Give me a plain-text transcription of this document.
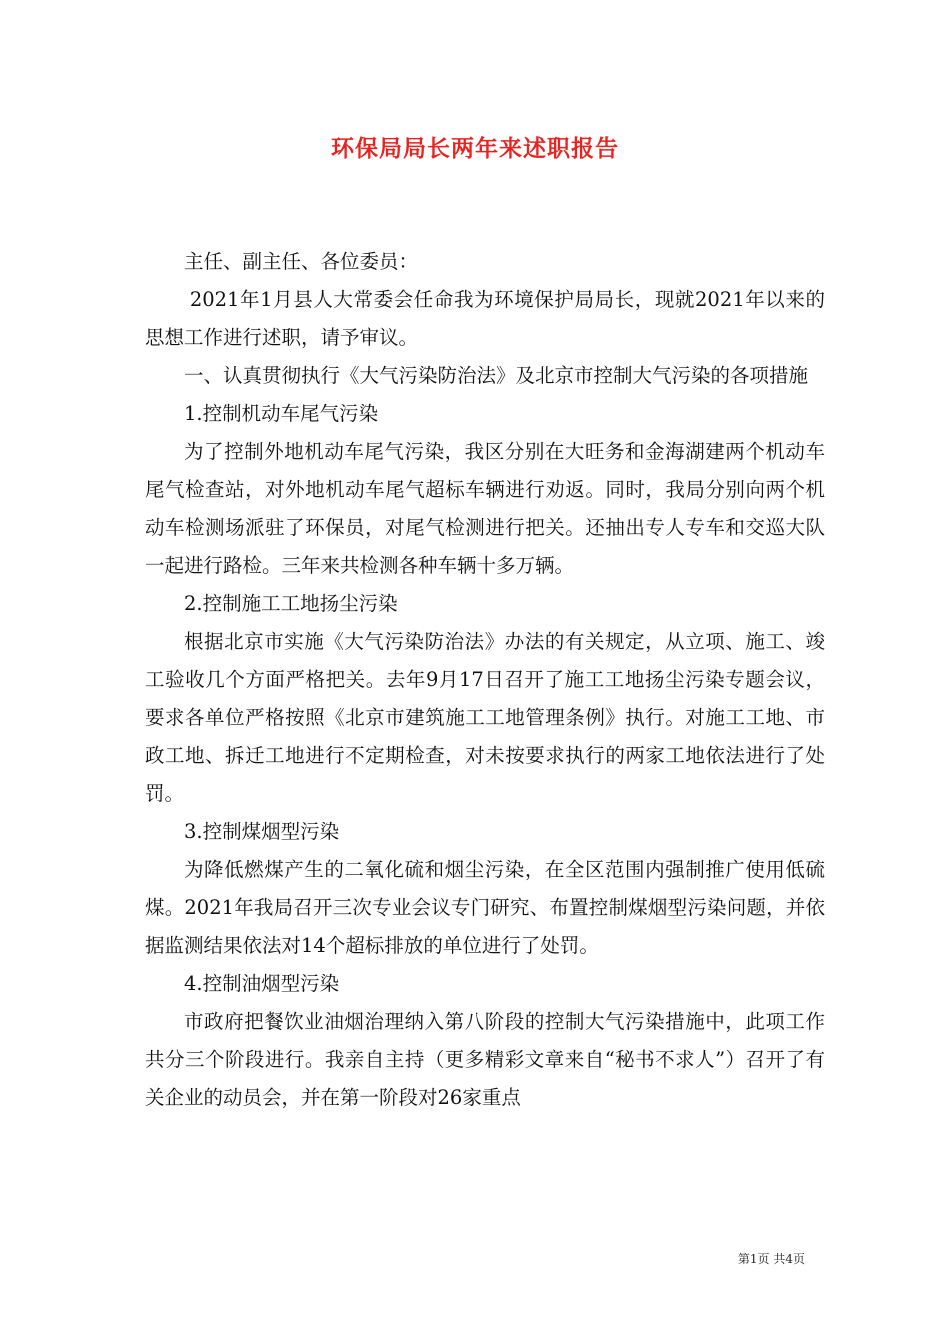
环保局局长两年来述职报告

主任、副主任、各位委员：

2021年1月县人大常委会任命我为环境保护局局长，现就2021年以来的思想工作进行述职，请予审议。

一、认真贯彻执行《大气污染防治法》及北京市控制大气污染的各项措施

1.控制机动车尾气污染

为了控制外地机动车尾气污染，我区分别在大旺务和金海湖建两个机动车尾气检查站，对外地机动车尾气超标车辆进行劝返。同时，我局分别向两个机动车检测场派驻了环保员，对尾气检测进行把关。还抽出专人专车和交巡大队一起进行路检。三年来共检测各种车辆十多万辆。

2.控制施工工地扬尘污染

根据北京市实施《大气污染防治法》办法的有关规定，从立项、施工、竣工验收几个方面严格把关。去年9月17日召开了施工工地扬尘污染专题会议，要求各单位严格按照《北京市建筑施工工地管理条例》执行。对施工工地、市政工地、拆迁工地进行不定期检查，对未按要求执行的两家工地依法进行了处罚。

3.控制煤烟型污染

为降低燃煤产生的二氧化硫和烟尘污染，在全区范围内强制推广使用低硫煤。2021年我局召开三次专业会议专门研究、布置控制煤烟型污染问题，并依据监测结果依法对14个超标排放的单位进行了处罚。

4.控制油烟型污染

市政府把餐饮业油烟治理纳入第八阶段的控制大气污染措施中，此项工作共分三个阶段进行。我亲自主持（更多精彩文章来自“秘书不求人”）召开了有关企业的动员会，并在第一阶段对26家重点

第1页 共4页
